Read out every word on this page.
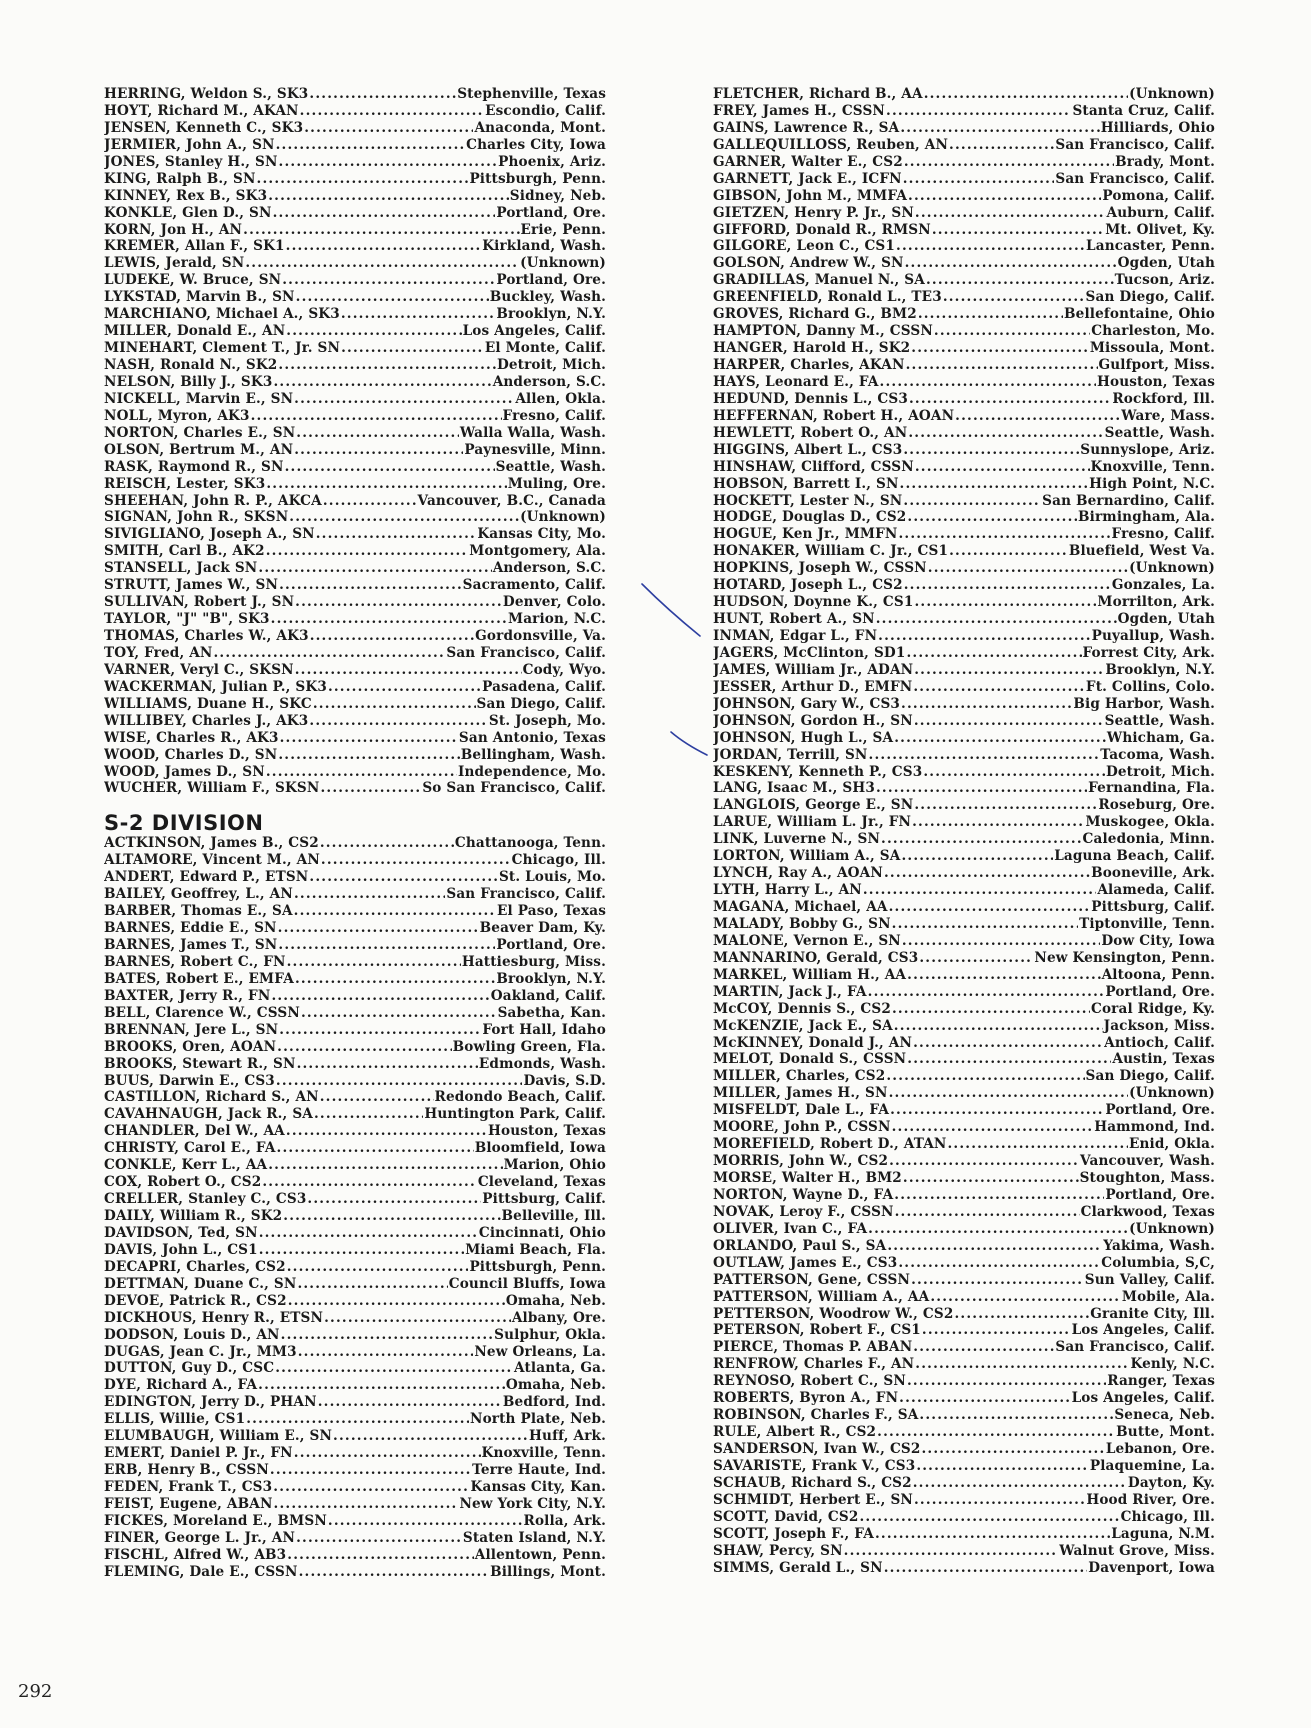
HERRING, Weldon S., SK3 .....	Stephenville, Texas
HOYT, Richard M., AKAN .....	Escondio, Calif.
JENSEN, Kenneth C., SK3 .....	Anaconda, Mont.
JERMIER, John A., SN .....	Charles City, Iowa
JONES, Stanley H., SN .....	Phoenix, Ariz.
KING, Ralph B., SN .....	Pittsburgh, Penn.
KINNEY, Rex B., SK3 .....	Sidney, Neb.
KONKLE, Glen D., SN .....	Portland, Ore.
KORN, Jon H., AN .....	Erie, Penn.
KREMER, Allan F., SK1 .....	Kirkland, Wash.
LEWIS, Jerald, SN .....	(Unknown)
LUDEKE, W. Bruce, SN .....	Portland, Ore.
LYKSTAD, Marvin B., SN .....	Buckley, Wash.
MARCHIANO, Michael A., SK3 .....	Brooklyn, N.Y.
MILLER, Donald E., AN .....	Los Angeles, Calif.
MINEHART, Clement T., Jr. SN .....	El Monte, Calif.
NASH, Ronald N., SK2 .....	Detroit, Mich.
NELSON, Billy J., SK3 .....	Anderson, S.C.
NICKELL, Marvin E., SN .....	Allen, Okla.
NOLL, Myron, AK3 .....	Fresno, Calif.
NORTON, Charles E., SN .....	Walla Walla, Wash.
OLSON, Bertrum M., AN .....	Paynesville, Minn.
RASK, Raymond R., SN .....	Seattle, Wash.
REISCH, Lester, SK3 .....	Muling, Ore.
SHEEHAN, John R. P., AKCA .....	Vancouver, B.C., Canada
SIGNAN, John R., SKSN .....	(Unknown)
SIVIGLIANO, Joseph A., SN .....	Kansas City, Mo.
SMITH, Carl B., AK2 .....	Montgomery, Ala.
STANSELL, Jack SN .....	Anderson, S.C.
STRUTT, James W., SN .....	Sacramento, Calif.
SULLIVAN, Robert J., SN .....	Denver, Colo.
TAYLOR, "J" "B", SK3 .....	Marion, N.C.
THOMAS, Charles W., AK3 .....	Gordonsville, Va.
TOY, Fred, AN .....	San Francisco, Calif.
VARNER, Veryl C., SKSN .....	Cody, Wyo.
WACKERMAN, Julian P., SK3 .....	Pasadena, Calif.
WILLIAMS, Duane H., SKC .....	San Diego, Calif.
WILLIBEY, Charles J., AK3 .....	St. Joseph, Mo.
WISE, Charles R., AK3 .....	San Antonio, Texas
WOOD, Charles D., SN .....	Bellingham, Wash.
WOOD, James D., SN .....	Independence, Mo.
WUCHER, William F., SKSN .....	So San Francisco, Calif.
S-2 DIVISION
ACTKINSON, James B., CS2 .....	Chattanooga, Tenn.
ALTAMORE, Vincent M., AN .....	Chicago, Ill.
ANDERT, Edward P., ETSN .....	St. Louis, Mo.
BAILEY, Geoffrey, L., AN .....	San Francisco, Calif.
BARBER, Thomas E., SA .....	El Paso, Texas
BARNES, Eddie E., SN .....	Beaver Dam, Ky.
BARNES, James T., SN .....	Portland, Ore.
BARNES, Robert C., FN .....	Hattiesburg, Miss.
BATES, Robert E., EMFA .....	Brooklyn, N.Y.
BAXTER, Jerry R., FN .....	Oakland, Calif.
BELL, Clarence W., CSSN .....	Sabetha, Kan.
BRENNAN, Jere L., SN .....	Fort Hall, Idaho
BROOKS, Oren, AOAN .....	Bowling Green, Fla.
BROOKS, Stewart R., SN .....	Edmonds, Wash.
BUUS, Darwin E., CS3 .....	Davis, S.D.
CASTILLON, Richard S., AN .....	Redondo Beach, Calif.
CAVAHNAUGH, Jack R., SA .....	Huntington Park, Calif.
CHANDLER, Del W., AA .....	Houston, Texas
CHRISTY, Carol E., FA .....	Bloomfield, Iowa
CONKLE, Kerr L., AA .....	Marion, Ohio
COX, Robert O., CS2 .....	Cleveland, Texas
CRELLER, Stanley C., CS3 .....	Pittsburg, Calif.
DAILY, William R., SK2 .....	Belleville, Ill.
DAVIDSON, Ted, SN .....	Cincinnati, Ohio
DAVIS, John L., CS1 .....	Miami Beach, Fla.
DECAPRI, Charles, CS2 .....	Pittsburgh, Penn.
DETTMAN, Duane C., SN .....	Council Bluffs, Iowa
DEVOE, Patrick R., CS2 .....	Omaha, Neb.
DICKHOUS, Henry R., ETSN .....	Albany, Ore.
DODSON, Louis D., AN .....	Sulphur, Okla.
DUGAS, Jean C. Jr., MM3 .....	New Orleans, La.
DUTTON, Guy D., CSC .....	Atlanta, Ga.
DYE, Richard A., FA .....	Omaha, Neb.
EDINGTON, Jerry D., PHAN .....	Bedford, Ind.
ELLIS, Willie, CS1 .....	North Plate, Neb.
ELUMBAUGH, William E., SN .....	Huff, Ark.
EMERT, Daniel P. Jr., FN .....	Knoxville, Tenn.
ERB, Henry B., CSSN .....	Terre Haute, Ind.
FEDEN, Frank T., CS3 .....	Kansas City, Kan.
FEIST, Eugene, ABAN .....	New York City, N.Y.
FICKES, Moreland E., BMSN .....	Rolla, Ark.
FINER, George L. Jr., AN .....	Staten Island, N.Y.
FISCHL, Alfred W., AB3 .....	Allentown, Penn.
FLEMING, Dale E., CSSN .....	Billings, Mont.
FLETCHER, Richard B., AA .....	(Unknown)
FREY, James H., CSSN .....	Stanta Cruz, Calif.
GAINS, Lawrence R., SA .....	Hilliards, Ohio
GALLEQUILLOSS, Reuben, AN .....	San Francisco, Calif.
GARNER, Walter E., CS2 .....	Brady, Mont.
GARNETT, Jack E., ICFN .....	San Francisco, Calif.
GIBSON, John M., MMFA .....	Pomona, Calif.
GIETZEN, Henry P. Jr., SN .....	Auburn, Calif.
GIFFORD, Donald R., RMSN .....	Mt. Olivet, Ky.
GILGORE, Leon C., CS1 .....	Lancaster, Penn.
GOLSON, Andrew W., SN .....	Ogden, Utah
GRADILLAS, Manuel N., SA .....	Tucson, Ariz.
GREENFIELD, Ronald L., TE3 .....	San Diego, Calif.
GROVES, Richard G., BM2 .....	Bellefontaine, Ohio
HAMPTON, Danny M., CSSN .....	Charleston, Mo.
HANGER, Harold H., SK2 .....	Missoula, Mont.
HARPER, Charles, AKAN .....	Gulfport, Miss.
HAYS, Leonard E., FA .....	Houston, Texas
HEDUND, Dennis L., CS3 .....	Rockford, Ill.
HEFFERNAN, Robert H., AOAN .....	Ware, Mass.
HEWLETT, Robert O., AN .....	Seattle, Wash.
HIGGINS, Albert L., CS3 .....	Sunnyslope, Ariz.
HINSHAW, Clifford, CSSN .....	Knoxville, Tenn.
HOBSON, Barrett I., SN .....	High Point, N.C.
HOCKETT, Lester N., SN .....	San Bernardino, Calif.
HODGE, Douglas D., CS2 .....	Birmingham, Ala.
HOGUE, Ken Jr., MMFN .....	Fresno, Calif.
HONAKER, William C. Jr., CS1 .....	Bluefield, West Va.
HOPKINS, Joseph W., CSSN .....	(Unknown)
HOTARD, Joseph L., CS2 .....	Gonzales, La.
HUDSON, Doynne K., CS1 .....	Morrilton, Ark.
HUNT, Robert A., SN .....	Ogden, Utah
INMAN, Edgar L., FN .....	Puyallup, Wash.
JAGERS, McClinton, SD1 .....	Forrest City, Ark.
JAMES, William Jr., ADAN .....	Brooklyn, N.Y.
JESSER, Arthur D., EMFN .....	Ft. Collins, Colo.
JOHNSON, Gary W., CS3 .....	Big Harbor, Wash.
JOHNSON, Gordon H., SN .....	Seattle, Wash.
JOHNSON, Hugh L., SA .....	Whicham, Ga.
JORDAN, Terrill, SN .....	Tacoma, Wash.
KESKENY, Kenneth P., CS3 .....	Detroit, Mich.
LANG, Isaac M., SH3 .....	Fernandina, Fla.
LANGLOIS, George E., SN .....	Roseburg, Ore.
LARUE, William L. Jr., FN .....	Muskogee, Okla.
LINK, Luverne N., SN .....	Caledonia, Minn.
LORTON, William A., SA .....	Laguna Beach, Calif.
LYNCH, Ray A., AOAN .....	Booneville, Ark.
LYTH, Harry L., AN .....	Alameda, Calif.
MAGANA, Michael, AA .....	Pittsburg, Calif.
MALADY, Bobby G., SN .....	Tiptonville, Tenn.
MALONE, Vernon E., SN .....	Dow City, Iowa
MANNARINO, Gerald, CS3 .....	New Kensington, Penn.
MARKEL, William H., AA .....	Altoona, Penn.
MARTIN, Jack J., FA .....	Portland, Ore.
McCOY, Dennis S., CS2 .....	Coral Ridge, Ky.
McKENZIE, Jack E., SA .....	Jackson, Miss.
McKINNEY, Donald J., AN .....	Antioch, Calif.
MELOT, Donald S., CSSN .....	Austin, Texas
MILLER, Charles, CS2 .....	San Diego, Calif.
MILLER, James H., SN .....	(Unknown)
MISFELDT, Dale L., FA .....	Portland, Ore.
MOORE, John P., CSSN .....	Hammond, Ind.
MOREFIELD, Robert D., ATAN .....	Enid, Okla.
MORRIS, John W., CS2 .....	Vancouver, Wash.
MORSE, Walter H., BM2 .....	Stoughton, Mass.
NORTON, Wayne D., FA .....	Portland, Ore.
NOVAK, Leroy F., CSSN .....	Clarkwood, Texas
OLIVER, Ivan C., FA .....	(Unknown)
ORLANDO, Paul S., SA .....	Yakima, Wash.
OUTLAW, James E., CS3 .....	Columbia, S,C,
PATTERSON, Gene, CSSN .....	Sun Valley, Calif.
PATTERSON, William A., AA .....	Mobile, Ala.
PETTERSON, Woodrow W., CS2 .....	Granite City, Ill.
PETERSON, Robert F., CS1 .....	Los Angeles, Calif.
PIERCE, Thomas P. ABAN .....	San Francisco, Calif.
RENFROW, Charles F., AN .....	Kenly, N.C.
REYNOSO, Robert C., SN .....	Ranger, Texas
ROBERTS, Byron A., FN .....	Los Angeles, Calif.
ROBINSON, Charles F., SA .....	Seneca, Neb.
RULE, Albert R., CS2 .....	Butte, Mont.
SANDERSON, Ivan W., CS2 .....	Lebanon, Ore.
SAVARISTE, Frank V., CS3 .....	Plaquemine, La.
SCHAUB, Richard S., CS2 .....	Dayton, Ky.
SCHMIDT, Herbert E., SN .....	Hood River, Ore.
SCOTT, David, CS2 .....	Chicago, Ill.
SCOTT, Joseph F., FA .....	Laguna, N.M.
SHAW, Percy, SN .....	Walnut Grove, Miss.
SIMMS, Gerald L., SN .....	Davenport, Iowa
292
